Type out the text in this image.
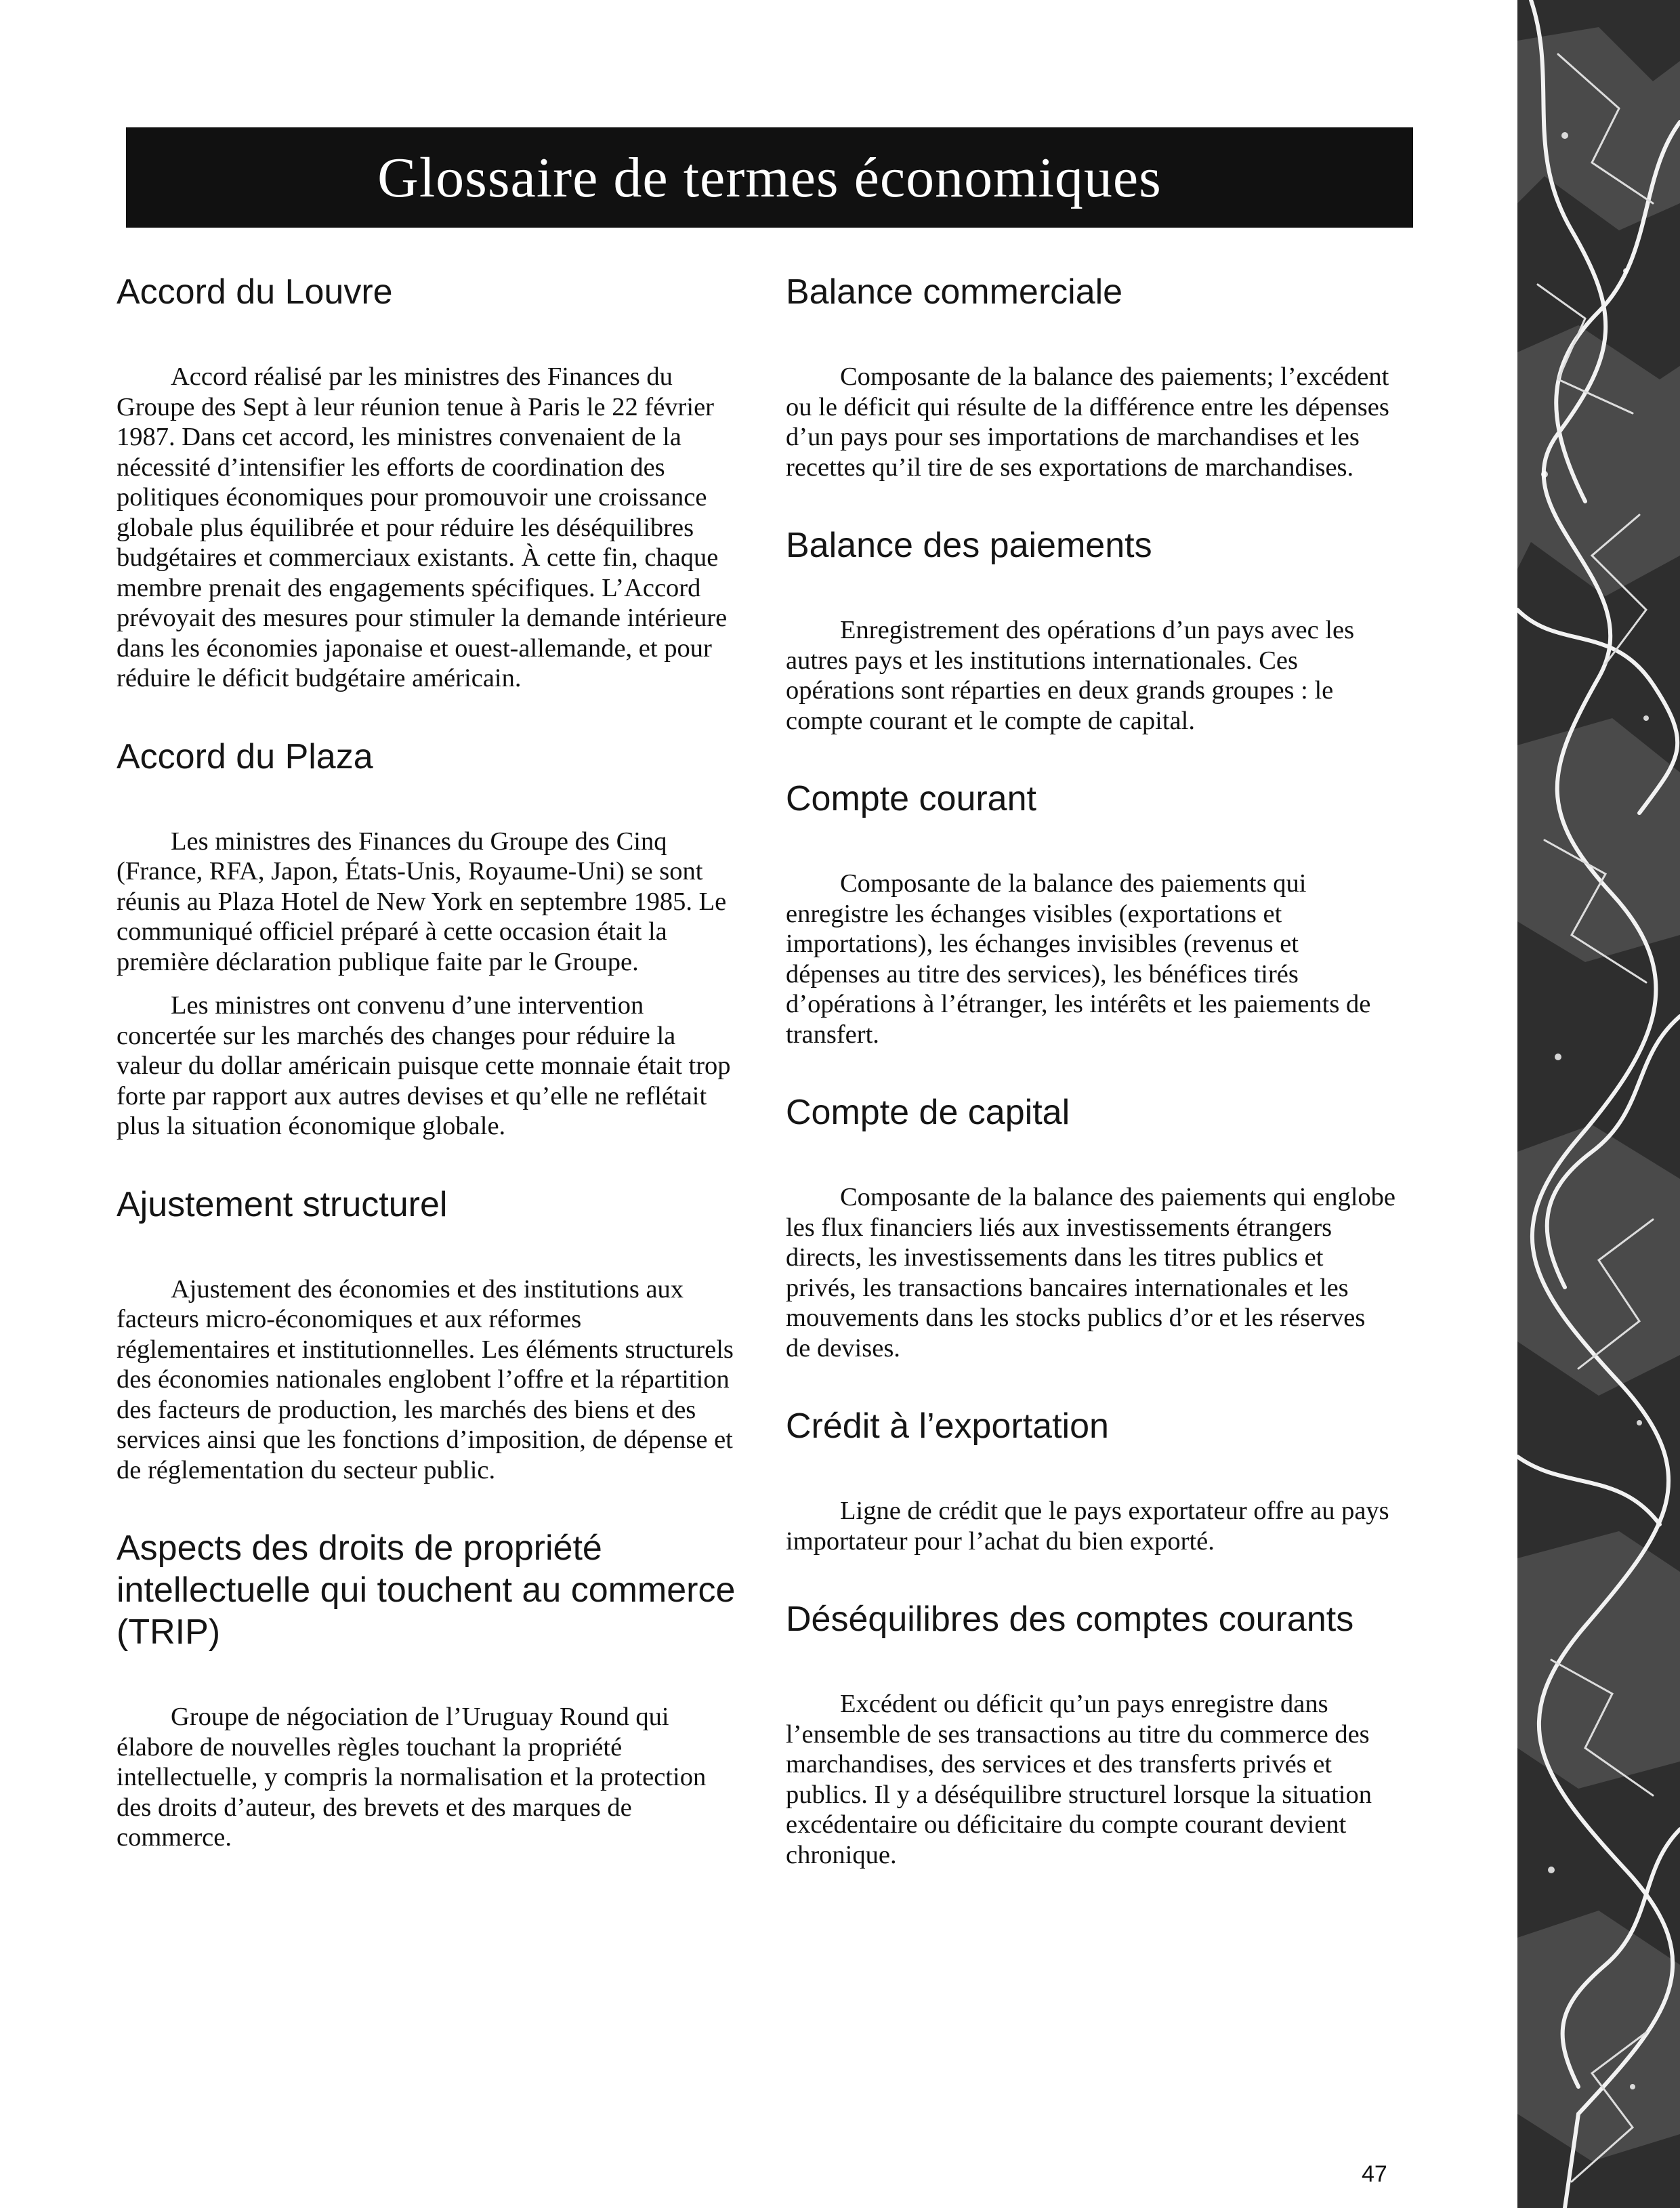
Glossaire de termes économiques
Accord du Louvre

Accord réalisé par les ministres des Finances du Groupe des Sept à leur réunion tenue à Paris le 22 février 1987. Dans cet accord, les ministres convenaient de la nécessité d’intensifier les efforts de coordination des politiques économiques pour promouvoir une croissance globale plus équilibrée et pour réduire les déséquilibres budgétaires et commerciaux existants. À cette fin, chaque membre prenait des engagements spécifiques. L’Accord prévoyait des mesures pour stimuler la demande intérieure dans les économies japonaise et ouest-allemande, et pour réduire le déficit budgétaire américain.

Accord du Plaza

Les ministres des Finances du Groupe des Cinq (France, RFA, Japon, États-Unis, Royaume-Uni) se sont réunis au Plaza Hotel de New York en septembre 1985. Le communiqué officiel préparé à cette occasion était la première déclaration publique faite par le Groupe.

Les ministres ont convenu d’une intervention concertée sur les marchés des changes pour réduire la valeur du dollar américain puisque cette monnaie était trop forte par rapport aux autres devises et qu’elle ne reflétait plus la situation économique globale.

Ajustement structurel

Ajustement des économies et des institutions aux facteurs micro-économiques et aux réformes réglementaires et institutionnelles. Les éléments structurels des économies nationales englobent l’offre et la répartition des facteurs de production, les marchés des biens et des services ainsi que les fonctions d’imposition, de dépense et de réglementation du secteur public.

Aspects des droits de propriété intellectuelle qui touchent au commerce (TRIP)

Groupe de négociation de l’Uruguay Round qui élabore de nouvelles règles touchant la propriété intellectuelle, y compris la normalisation et la protection des droits d’auteur, des brevets et des marques de commerce.

Balance commerciale

Composante de la balance des paiements; l’excédent ou le déficit qui résulte de la différence entre les dépenses d’un pays pour ses importations de marchandises et les recettes qu’il tire de ses exportations de marchandises.

Balance des paiements

Enregistrement des opérations d’un pays avec les autres pays et les institutions internationales. Ces opérations sont réparties en deux grands groupes : le compte courant et le compte de capital.

Compte courant

Composante de la balance des paiements qui enregistre les échanges visibles (exportations et importations), les échanges invisibles (revenus et dépenses au titre des services), les bénéfices tirés d’opérations à l’étranger, les intérêts et les paiements de transfert.

Compte de capital

Composante de la balance des paiements qui englobe les flux financiers liés aux investissements étrangers directs, les investissements dans les titres publics et privés, les transactions bancaires internationales et les mouvements dans les stocks publics d’or et les réserves de devises.

Crédit à l’exportation

Ligne de crédit que le pays exportateur offre au pays importateur pour l’achat du bien exporté.

Déséquilibres des comptes courants

Excédent ou déficit qu’un pays enregistre dans l’ensemble de ses transactions au titre du commerce des marchandises, des services et des transferts privés et publics. Il y a déséquilibre structurel lorsque la situation excédentaire ou déficitaire du compte courant devient chronique.

47
